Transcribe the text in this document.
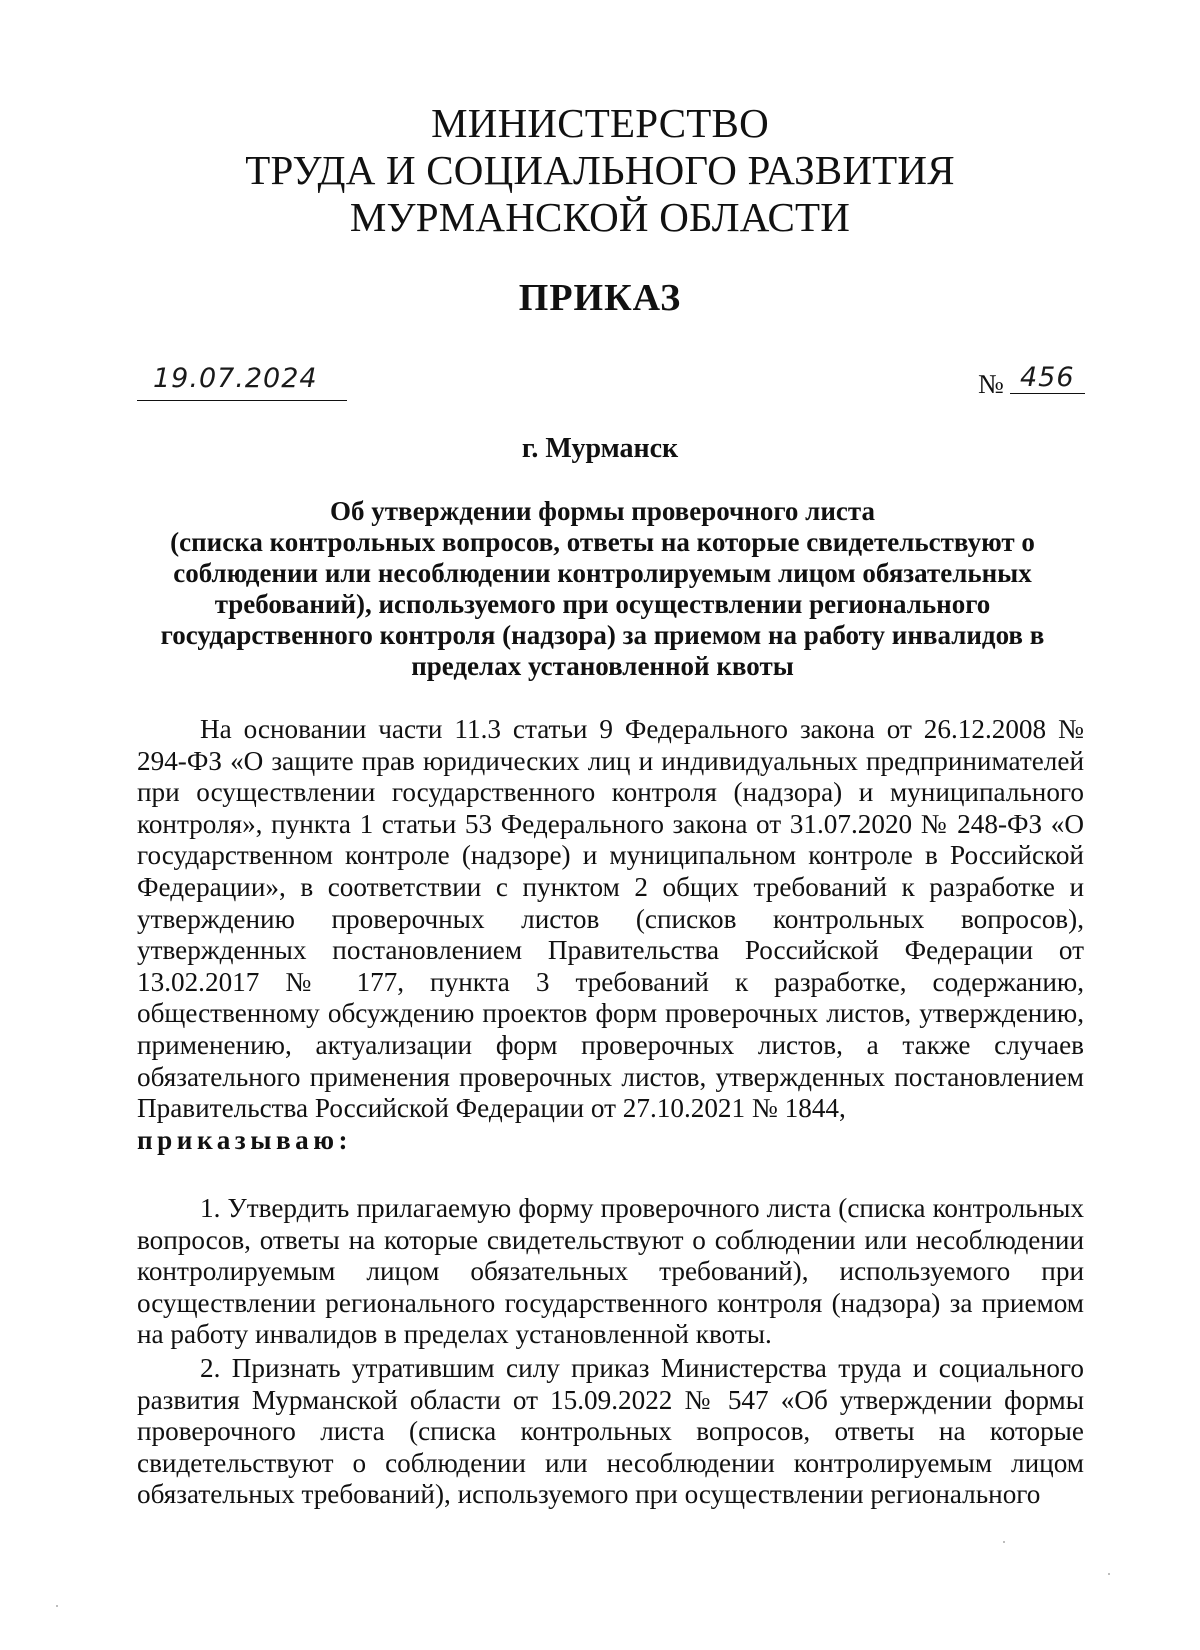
МИНИСТЕРСТВО
ТРУДА И СОЦИАЛЬНОГО РАЗВИТИЯ
МУРМАНСКОЙ ОБЛАСТИ
ПРИКАЗ
19.07.2024	№ 456
г. Мурманск
Об утверждении формы проверочного листа
(списка контрольных вопросов, ответы на которые свидетельствуют о
соблюдении или несоблюдении контролируемым лицом обязательных
требований), используемого при осуществлении регионального
государственного контроля (надзора) за приемом на работу инвалидов в
пределах установленной квоты

На основании части 11.3 статьи 9 Федерального закона от 26.12.2008 № 294-ФЗ «О защите прав юридических лиц и индивидуальных предпринимателей при осуществлении государственного контроля (надзора) и муниципального контроля», пункта 1 статьи 53 Федерального закона от 31.07.2020 № 248-ФЗ «О государственном контроле (надзоре) и муниципальном контроле в Российской Федерации», в соответствии с пунктом 2 общих требований к разработке и утверждению проверочных листов (списков контрольных вопросов), утвержденных постановлением Правительства Российской Федерации от 13.02.2017 № 177, пункта 3 требований к разработке, содержанию, общественному обсуждению проектов форм проверочных листов, утверждению, применению, актуализации форм проверочных листов, а также случаев обязательного применения проверочных листов, утвержденных постановлением Правительства Российской Федерации от 27.10.2021 № 1844,

приказываю:

1. Утвердить прилагаемую форму проверочного листа (списка контрольных вопросов, ответы на которые свидетельствуют о соблюдении или несоблюдении контролируемым лицом обязательных требований), используемого при осуществлении регионального государственного контроля (надзора) за приемом на работу инвалидов в пределах установленной квоты.

2. Признать утратившим силу приказ Министерства труда и социального развития Мурманской области от 15.09.2022 № 547 «Об утверждении формы проверочного листа (списка контрольных вопросов, ответы на которые свидетельствуют о соблюдении или несоблюдении контролируемым лицом обязательных требований), используемого при осуществлении регионального
